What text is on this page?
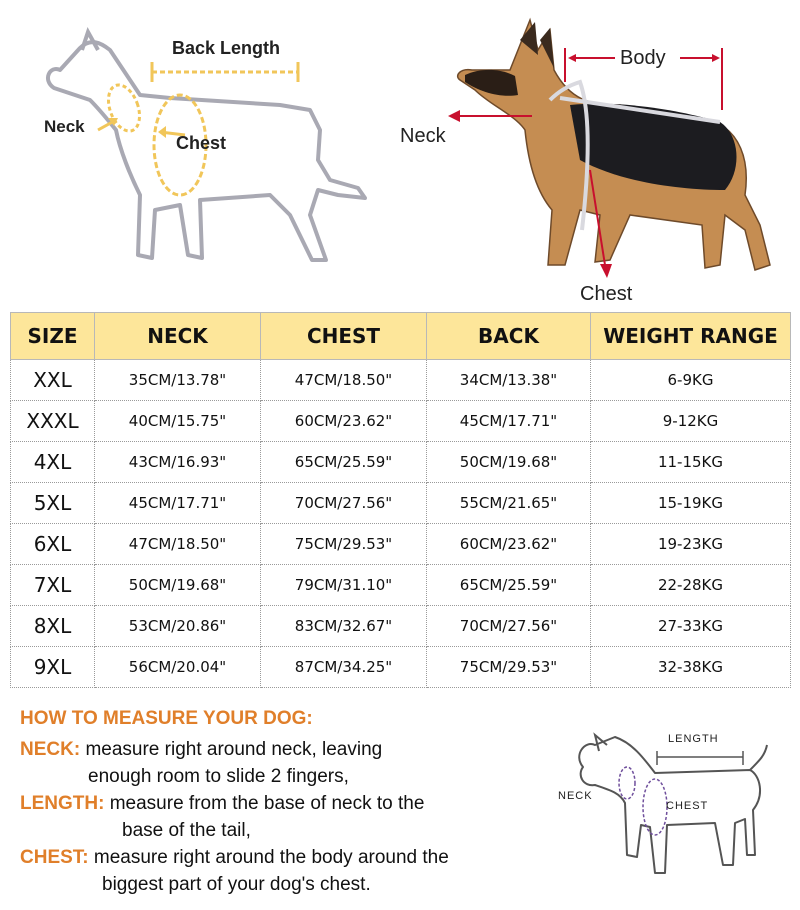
Back Length
Neck
Chest
Body
Neck
Chest
SIZE	NECK	CHEST	BACK	WEIGHT RANGE
XXL	35CM/13.78"	47CM/18.50"	34CM/13.38"	6-9KG
XXXL	40CM/15.75"	60CM/23.62"	45CM/17.71"	9-12KG
4XL	43CM/16.93"	65CM/25.59"	50CM/19.68"	11-15KG
5XL	45CM/17.71"	70CM/27.56"	55CM/21.65"	15-19KG
6XL	47CM/18.50"	75CM/29.53"	60CM/23.62"	19-23KG
7XL	50CM/19.68"	79CM/31.10"	65CM/25.59"	22-28KG
8XL	53CM/20.86"	83CM/32.67"	70CM/27.56"	27-33KG
9XL	56CM/20.04"	87CM/34.25"	75CM/29.53"	32-38KG
HOW TO MEASURE YOUR DOG:
NECK: measure right around neck, leaving
enough room to slide 2 fingers,
LENGTH: measure from the base of neck to the
base of the tail,
CHEST: measure right around the body around the
biggest part of your dog's chest.
LENGTH
NECK
CHEST
